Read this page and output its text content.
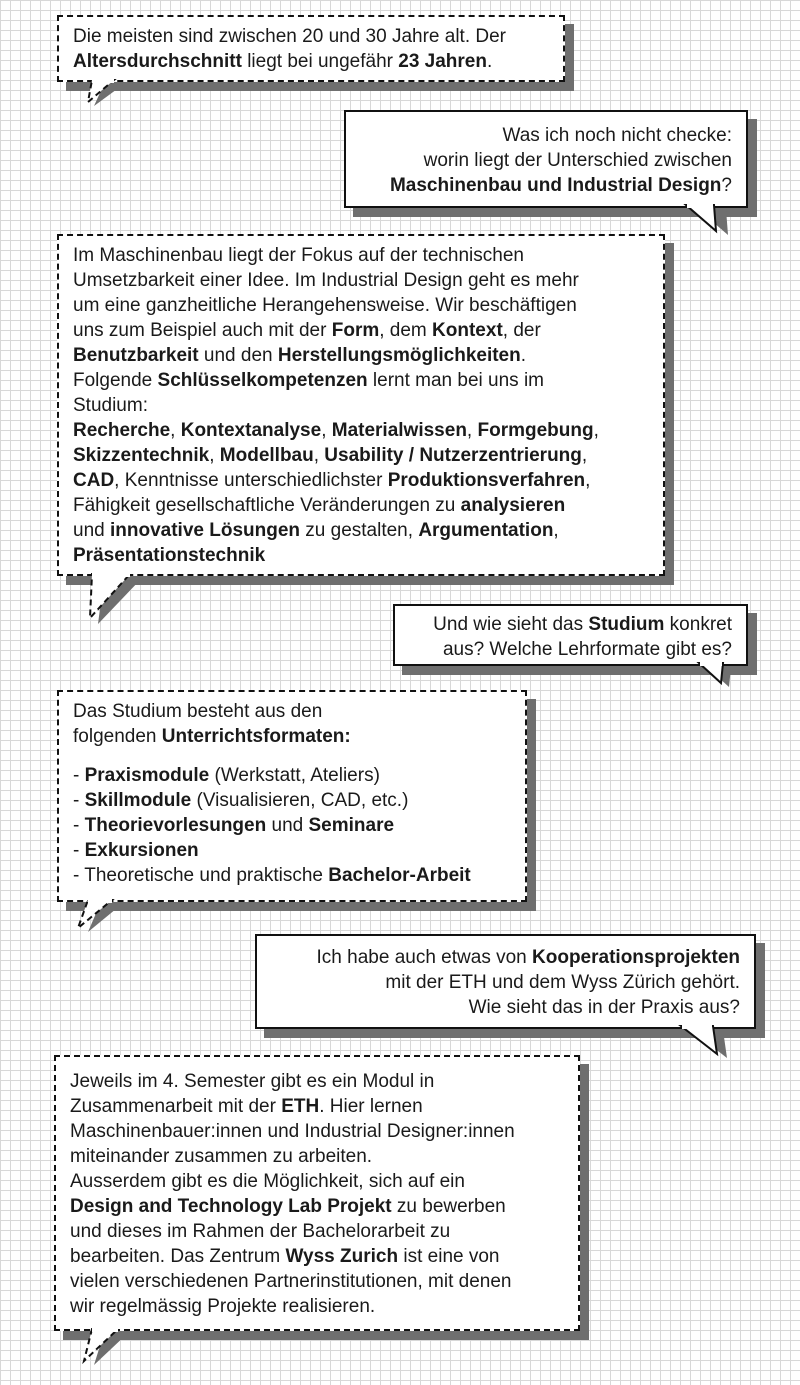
Die meisten sind zwischen 20 und 30 Jahre alt. Der
Altersdurchschnitt liegt bei ungefähr 23 Jahren.
Was ich noch nicht checke:
worin liegt der Unterschied zwischen
Maschinenbau und Industrial Design?
Im Maschinenbau liegt der Fokus auf der technischen
Umsetzbarkeit einer Idee. Im Industrial Design geht es mehr
um eine ganzheitliche Herangehensweise. Wir beschäftigen
uns zum Beispiel auch mit der Form, dem Kontext, der
Benutzbarkeit und den Herstellungsmöglichkeiten.
Folgende Schlüsselkompetenzen lernt man bei uns im
Studium:
Recherche, Kontextanalyse, Materialwissen, Formgebung,
Skizzentechnik, Modellbau, Usability / Nutzerzentrierung,
CAD, Kenntnisse unterschiedlichster Produktionsverfahren,
Fähigkeit gesellschaftliche Veränderungen zu analysieren
und innovative Lösungen zu gestalten, Argumentation,
Präsentationstechnik
Und wie sieht das Studium konkret
aus? Welche Lehrformate gibt es?
Das Studium besteht aus den
folgenden Unterrichtsformaten:
- Praxismodule (Werkstatt, Ateliers)
- Skillmodule (Visualisieren, CAD, etc.)
- Theorievorlesungen und Seminare
- Exkursionen
- Theoretische und praktische Bachelor-Arbeit
Ich habe auch etwas von Kooperationsprojekten
mit der ETH und dem Wyss Zürich gehört.
Wie sieht das in der Praxis aus?
Jeweils im 4. Semester gibt es ein Modul in
Zusammenarbeit mit der ETH. Hier lernen
Maschinenbauer:innen und Industrial Designer:innen
miteinander zusammen zu arbeiten.
Ausserdem gibt es die Möglichkeit, sich auf ein
Design and Technology Lab Projekt zu bewerben
und dieses im Rahmen der Bachelorarbeit zu
bearbeiten. Das Zentrum Wyss Zurich ist eine von
vielen verschiedenen Partnerinstitutionen, mit denen
wir regelmässig Projekte realisieren.
